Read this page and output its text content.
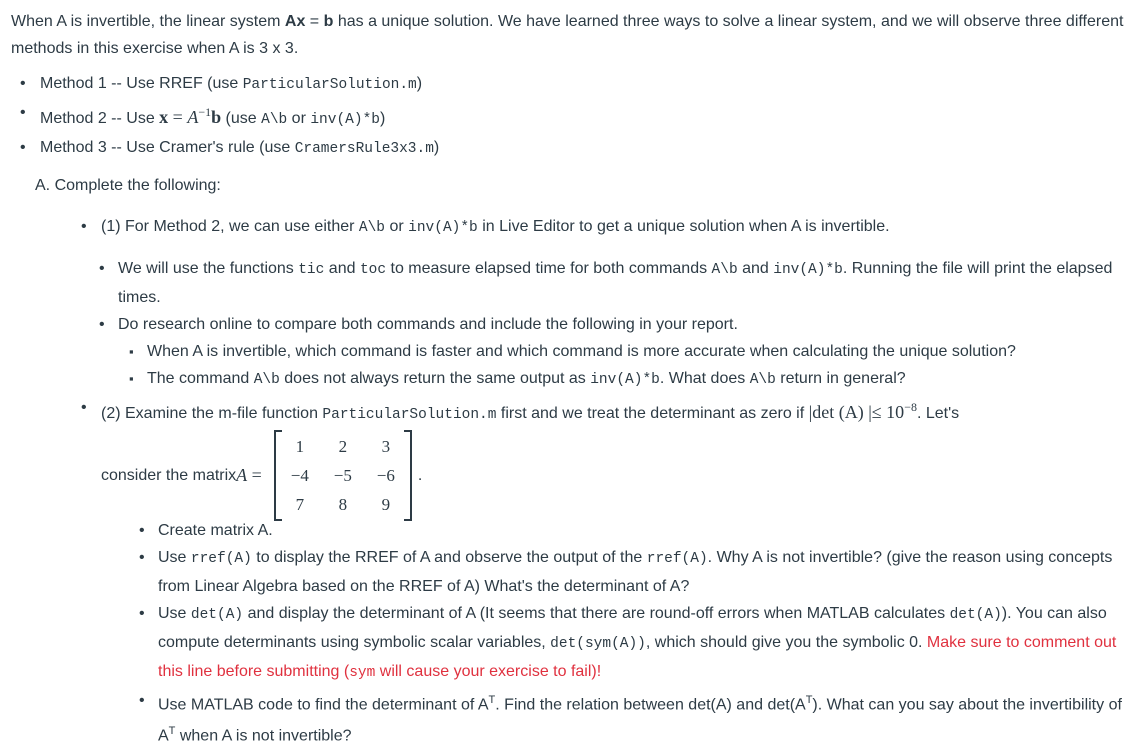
When A is invertible, the linear system Ax = b has a unique solution. We have learned three ways to solve a linear system, and we will observe three different methods in this exercise when A is 3 x 3.

• Method 1 -- Use RREF (use ParticularSolution.m)
• Method 2 -- Use $x = A^{-1}b$ (use A\b or inv(A)*b)
• Method 3 -- Use Cramer's rule (use CramersRule3x3.m)

A. Complete the following:

• (1) For Method 2, we can use either A\b or inv(A)*b in Live Editor to get a unique solution when A is invertible.
• We will use the functions tic and toc to measure elapsed time for both commands A\b and inv(A)*b. Running the file will print the elapsed times.
• Do research online to compare both commands and include the following in your report.
▪ When A is invertible, which command is faster and which command is more accurate when calculating the unique solution?
▪ The command A\b does not always return the same output as inv(A)*b. What does A\b return in general?
• (2) Examine the m-file function ParticularSolution.m first and we treat the determinant as zero if |det (A) |≤ $10^{-8}$. Let's
consider the matrix A =
1	2	3
−4	−5	−6
7	8	9
.
• Create matrix A.
• Use rref(A) to display the RREF of A and observe the output of the rref(A). Why A is not invertible? (give the reason using concepts from Linear Algebra based on the RREF of A) What's the determinant of A?
• Use det(A) and display the determinant of A (It seems that there are round-off errors when MATLAB calculates det(A)). You can also compute determinants using symbolic scalar variables, det(sym(A)), which should give you the symbolic 0. Make sure to comment out this line before submitting (sym will cause your exercise to fail)!
• Use MATLAB code to find the determinant of $A^T$. Find the relation between det(A) and $\det(A^T)$. What can you say about the invertibility of $A^T$ when A is not invertible?
